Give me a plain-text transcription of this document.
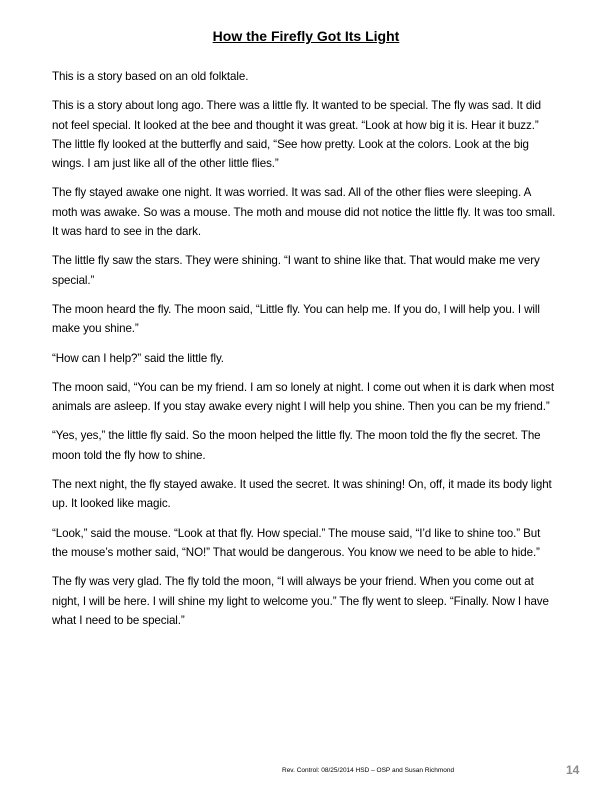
How the Firefly Got Its Light

This is a story based on an old folktale.

This is a story about long ago. There was a little fly. It wanted to be special. The fly was sad. It did not feel special. It looked at the bee and thought it was great. “Look at how big it is. Hear it buzz.” The little fly looked at the butterfly and said, “See how pretty. Look at the colors. Look at the big wings. I am just like all of the other little flies.”

The fly stayed awake one night. It was worried. It was sad. All of the other flies were sleeping. A moth was awake. So was a mouse. The moth and mouse did not notice the little fly. It was too small. It was hard to see in the dark.

The little fly saw the stars. They were shining. “I want to shine like that. That would make me very special.”

The moon heard the fly. The moon said, “Little fly. You can help me. If you do, I will help you. I will make you shine.”

“How can I help?” said the little fly.

The moon said, “You can be my friend. I am so lonely at night. I come out when it is dark when most animals are asleep. If you stay awake every night I will help you shine. Then you can be my friend.”

“Yes, yes,” the little fly said. So the moon helped the little fly. The moon told the fly the secret. The moon told the fly how to shine.

The next night, the fly stayed awake. It used the secret. It was shining! On, off, it made its body light up. It looked like magic.

“Look,” said the mouse. “Look at that fly. How special.” The mouse said, “I’d like to shine too.” But the mouse’s mother said, “NO!” That would be dangerous. You know we need to be able to hide.”

The fly was very glad. The fly told the moon, “I will always be your friend. When you come out at night, I will be here. I will shine my light to welcome you.” The fly went to sleep. “Finally. Now I have what I need to be special.”

Rev. Control: 08/25/2014 HSD – OSP and Susan Richmond	14
